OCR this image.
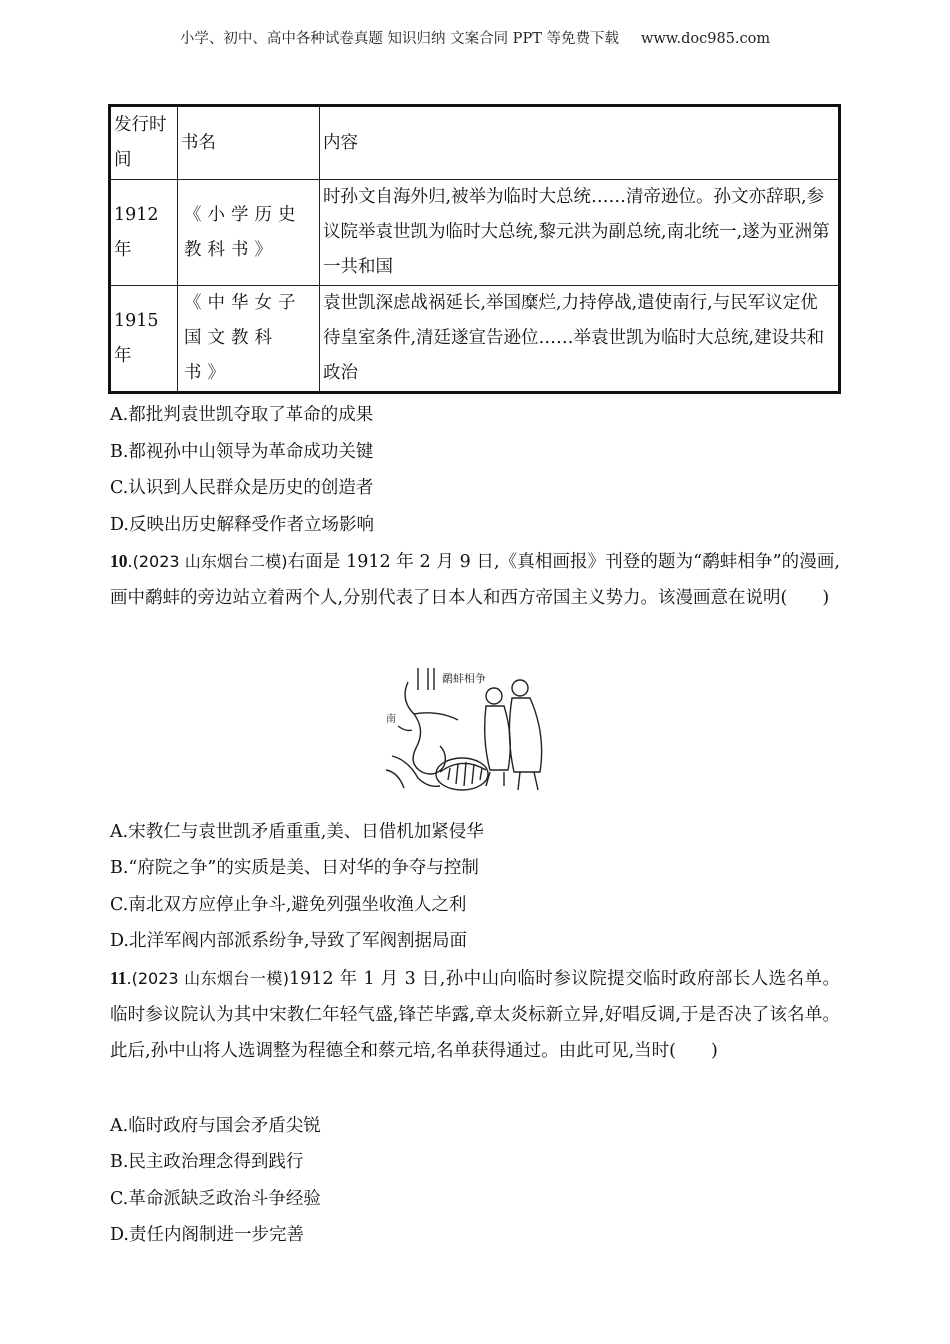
小学、初中、高中各种试卷真题 知识归纳 文案合同 PPT 等免费下载 www.doc985.com
发行时间	书名	内容
1912年	《小学历史教科书》	时孙文自海外归,被举为临时大总统……清帝逊位。孙文亦辞职,参议院举袁世凯为临时大总统,黎元洪为副总统,南北统一,遂为亚洲第一共和国
1915年	《中华女子国文教科书》	袁世凯深虑战祸延长,举国糜烂,力持停战,遣使南行,与民军议定优待皇室条件,清廷遂宣告逊位……举袁世凯为临时大总统,建设共和政治
A.都批判袁世凯夺取了革命的成果
B.都视孙中山领导为革命成功关键
C.认识到人民群众是历史的创造者
D.反映出历史解释受作者立场影响
10.(2023 山东烟台二模)右面是 1912 年 2 月 9 日,《真相画报》刊登的题为“鹬蚌相争”的漫画,画中鹬蚌的旁边站立着两个人,分别代表了日本人和西方帝国主义势力。该漫画意在说明(　　)
鹬蚌相争
南
A.宋教仁与袁世凯矛盾重重,美、日借机加紧侵华
B.“府院之争”的实质是美、日对华的争夺与控制
C.南北双方应停止争斗,避免列强坐收渔人之利
D.北洋军阀内部派系纷争,导致了军阀割据局面
11.(2023 山东烟台一模)1912 年 1 月 3 日,孙中山向临时参议院提交临时政府部长人选名单。临时参议院认为其中宋教仁年轻气盛,锋芒毕露,章太炎标新立异,好唱反调,于是否决了该名单。此后,孙中山将人选调整为程德全和蔡元培,名单获得通过。由此可见,当时(　　)
A.临时政府与国会矛盾尖锐
B.民主政治理念得到践行
C.革命派缺乏政治斗争经验
D.责任内阁制进一步完善
